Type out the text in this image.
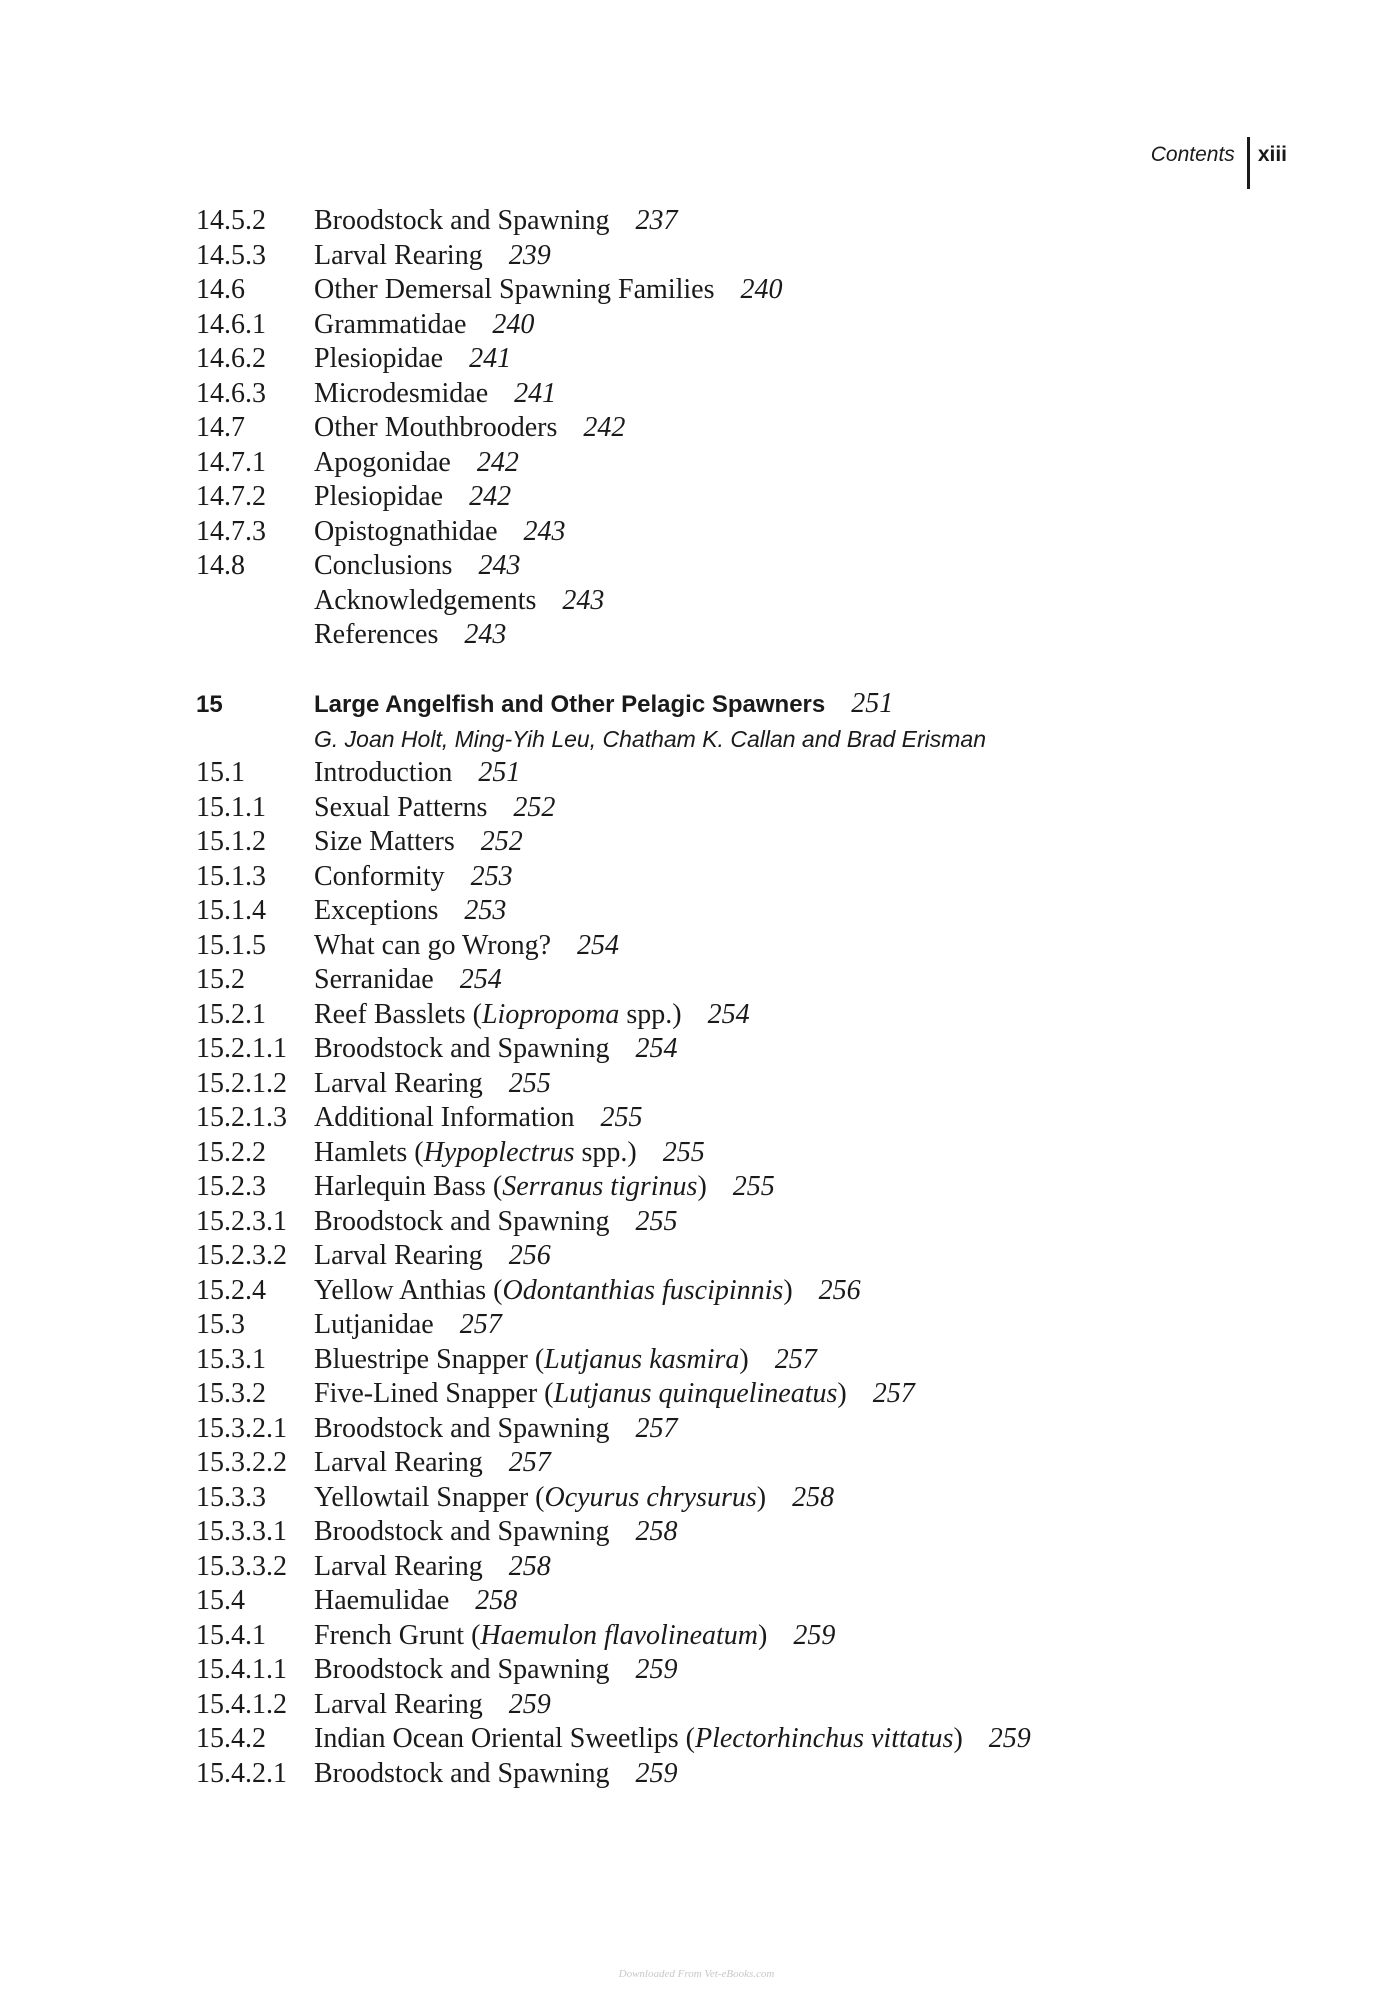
Contents	xiii
14.5.2	Broodstock and Spawning 237
14.5.3	Larval Rearing 239
14.6	Other Demersal Spawning Families 240
14.6.1	Grammatidae 240
14.6.2	Plesiopidae 241
14.6.3	Microdesmidae 241
14.7	Other Mouthbrooders 242
14.7.1	Apogonidae 242
14.7.2	Plesiopidae 242
14.7.3	Opistognathidae 243
14.8	Conclusions 243
Acknowledgements 243
References 243
15	Large Angelfish and Other Pelagic Spawners 251
G. Joan Holt, Ming-Yih Leu, Chatham K. Callan and Brad Erisman
15.1	Introduction 251
15.1.1	Sexual Patterns 252
15.1.2	Size Matters 252
15.1.3	Conformity 253
15.1.4	Exceptions 253
15.1.5	What can go Wrong? 254
15.2	Serranidae 254
15.2.1	Reef Basslets (Liopropoma spp.) 254
15.2.1.1 Broodstock and Spawning 254
15.2.1.2 Larval Rearing 255
15.2.1.3 Additional Information 255
15.2.2	Hamlets (Hypoplectrus spp.) 255
15.2.3	Harlequin Bass (Serranus tigrinus) 255
15.2.3.1 Broodstock and Spawning 255
15.2.3.2 Larval Rearing 256
15.2.4	Yellow Anthias (Odontanthias fuscipinnis) 256
15.3	Lutjanidae 257
15.3.1	Bluestripe Snapper (Lutjanus kasmira) 257
15.3.2	Five-Lined Snapper (Lutjanus quinquelineatus) 257
15.3.2.1 Broodstock and Spawning 257
15.3.2.2 Larval Rearing 257
15.3.3	Yellowtail Snapper (Ocyurus chrysurus) 258
15.3.3.1 Broodstock and Spawning 258
15.3.3.2 Larval Rearing 258
15.4	Haemulidae 258
15.4.1	French Grunt (Haemulon flavolineatum) 259
15.4.1.1 Broodstock and Spawning 259
15.4.1.2 Larval Rearing 259
15.4.2	Indian Ocean Oriental Sweetlips (Plectorhinchus vittatus) 259
15.4.2.1 Broodstock and Spawning 259
Downloaded From Vet-eBooks.com
